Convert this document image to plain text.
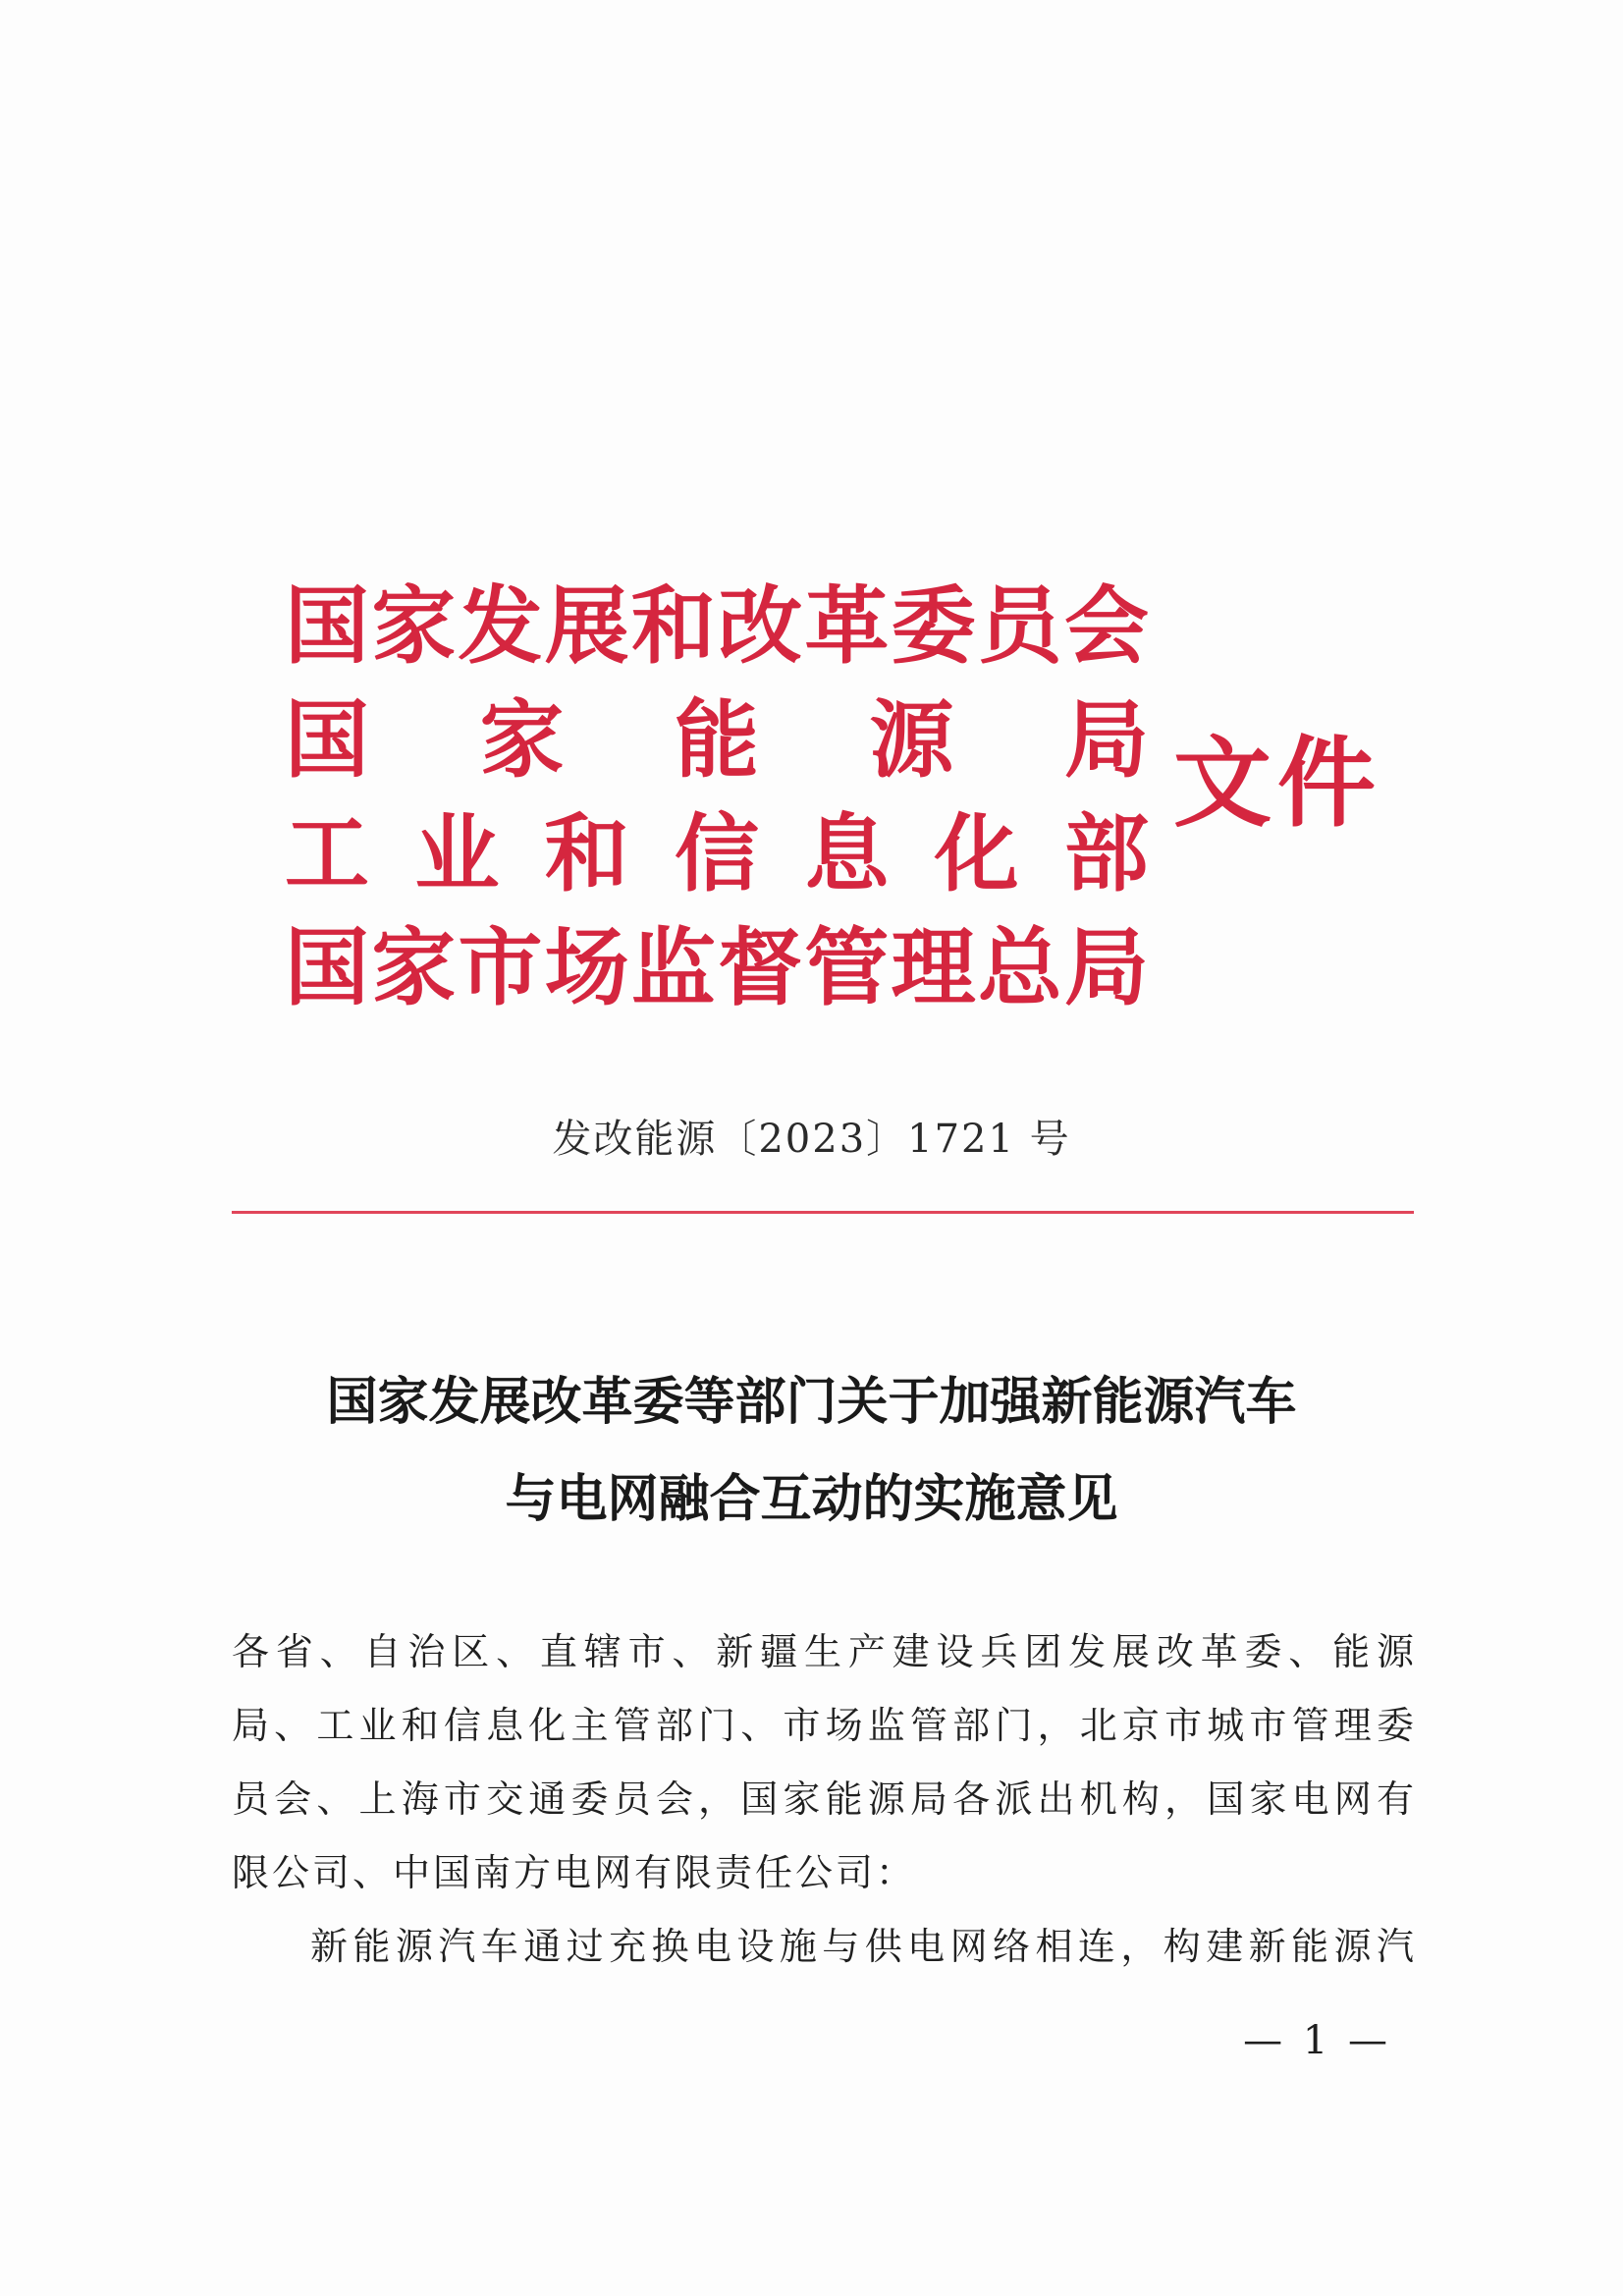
国 家 发 展 和 改 革 委 员 会
国 家 能 源 局
工 业 和 信 息 化 部
国 家 市 场 监 督 管 理 总 局
文件
发改能源〔2023〕1721 号
国家发展改革委等部门关于加强新能源汽车
与电网融合互动的实施意见
各省、自治区、直辖市、新疆生产建设兵团发展改革委、能源
局、工业和信息化主管部门、市场监管部门，北京市城市管理委
员会、上海市交通委员会，国家能源局各派出机构，国家电网有
限公司、中国南方电网有限责任公司：
新能源汽车通过充换电设施与供电网络相连，构建新能源汽
— 1 —
